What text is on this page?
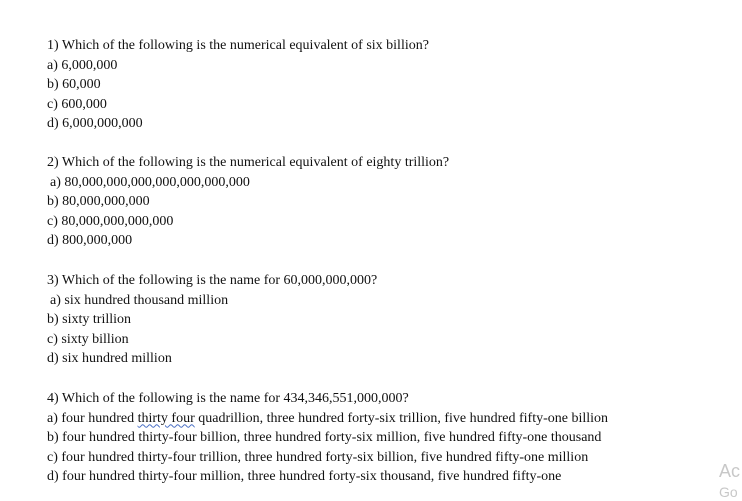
1) Which of the following is the numerical equivalent of six billion?
a) 6,000,000
b) 60,000
c) 600,000
d) 6,000,000,000
2) Which of the following is the numerical equivalent of eighty trillion?
a) 80,000,000,000,000,000,000,000
b) 80,000,000,000
c) 80,000,000,000,000
d) 800,000,000
3) Which of the following is the name for 60,000,000,000?
a) six hundred thousand million
b) sixty trillion
c) sixty billion
d) six hundred million
4) Which of the following is the name for 434,346,551,000,000?
a) four hundred thirty four quadrillion, three hundred forty-six trillion, five hundred fifty-one billion
b) four hundred thirty-four billion, three hundred forty-six million, five hundred fifty-one thousand
c) four hundred thirty-four trillion, three hundred forty-six billion, five hundred fifty-one million
d) four hundred thirty-four million, three hundred forty-six thousand, five hundred fifty-one	Ac
Go
